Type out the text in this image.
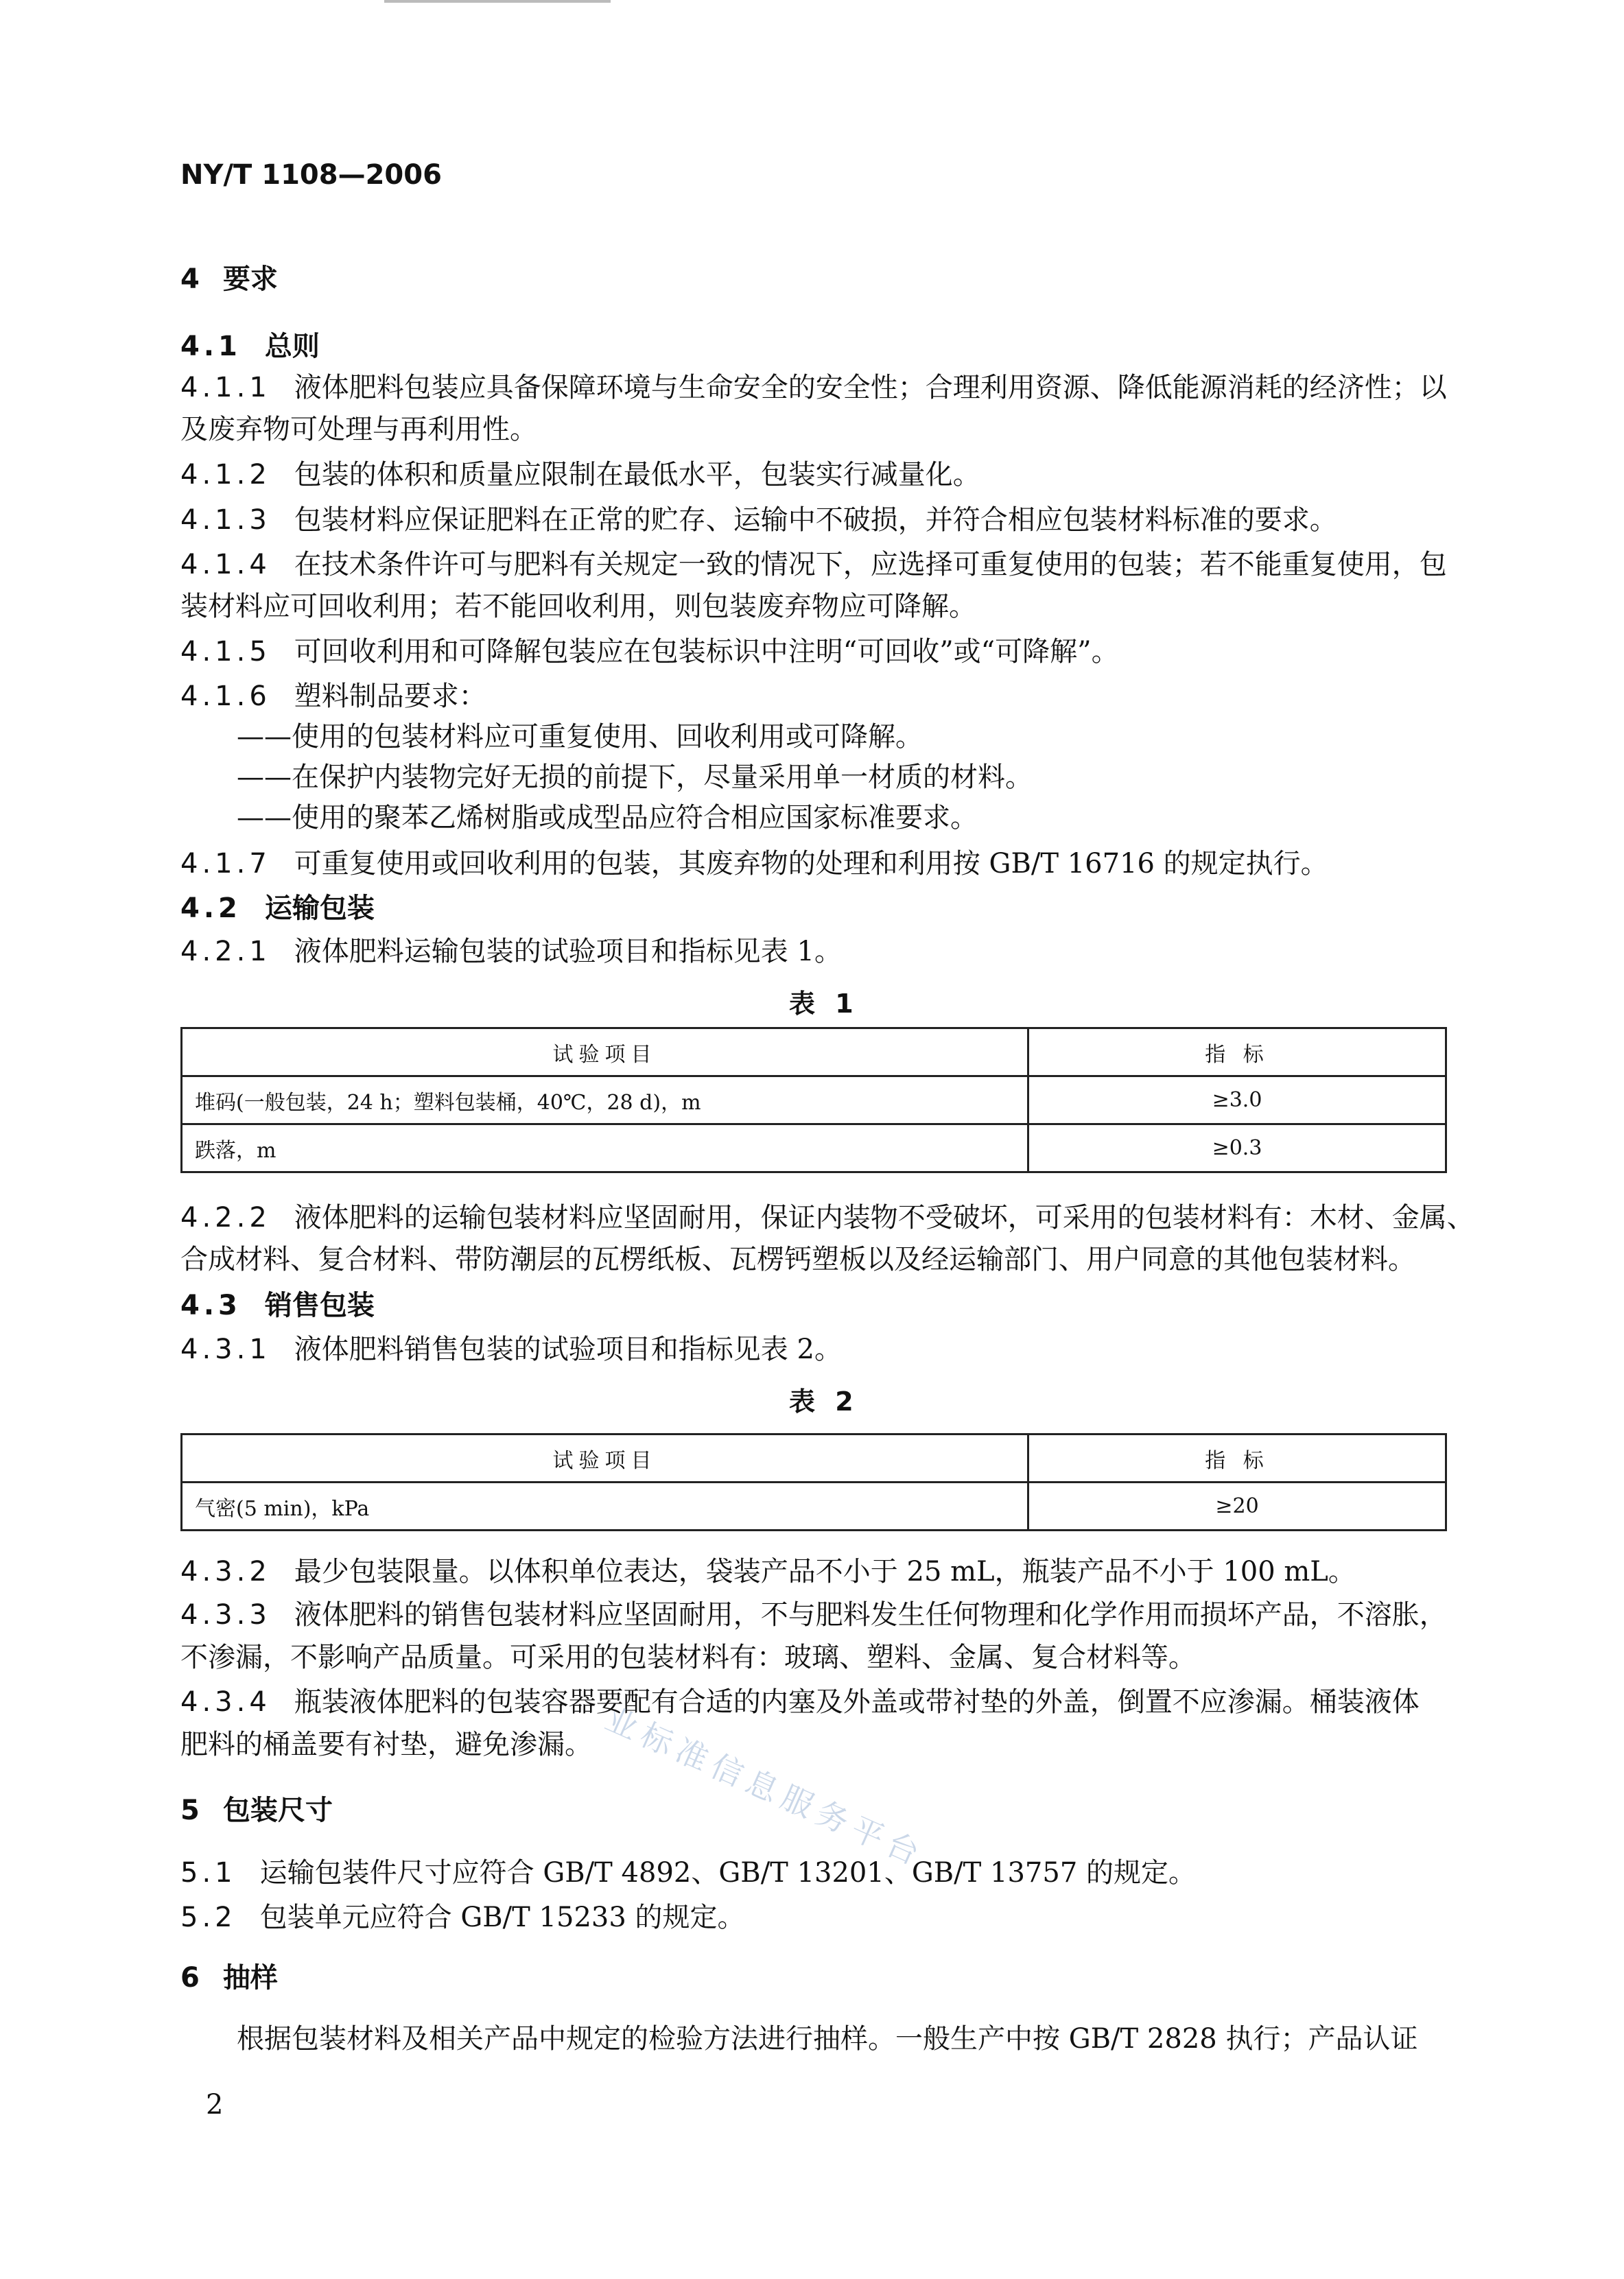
NY/T 1108—2006
4 要求
4.1 总则
4.1.1 液体肥料包装应具备保障环境与生命安全的安全性；合理利用资源、降低能源消耗的经济性；以
及废弃物可处理与再利用性。
4.1.2 包装的体积和质量应限制在最低水平，包装实行减量化。
4.1.3 包装材料应保证肥料在正常的贮存、运输中不破损，并符合相应包装材料标准的要求。
4.1.4 在技术条件许可与肥料有关规定一致的情况下，应选择可重复使用的包装；若不能重复使用，包
装材料应可回收利用；若不能回收利用，则包装废弃物应可降解。
4.1.5 可回收利用和可降解包装应在包装标识中注明“可回收”或“可降解”。
4.1.6 塑料制品要求：
——使用的包装材料应可重复使用、回收利用或可降解。
——在保护内装物完好无损的前提下，尽量采用单一材质的材料。
——使用的聚苯乙烯树脂或成型品应符合相应国家标准要求。
4.1.7 可重复使用或回收利用的包装，其废弃物的处理和利用按 GB/T 16716 的规定执行。
4.2 运输包装
4.2.1 液体肥料运输包装的试验项目和指标见表 1。
表 1
试验项目	指 标
堆码(一般包装，24 h；塑料包装桶，40℃，28 d)，m	≥3.0
跌落，m	≥0.3
4.2.2 液体肥料的运输包装材料应坚固耐用，保证内装物不受破坏，可采用的包装材料有：木材、金属、
合成材料、复合材料、带防潮层的瓦楞纸板、瓦楞钙塑板以及经运输部门、用户同意的其他包装材料。
4.3 销售包装
4.3.1 液体肥料销售包装的试验项目和指标见表 2。
表 2
试验项目	指 标
气密(5 min)，kPa	≥20
4.3.2 最少包装限量。以体积单位表达，袋装产品不小于 25 mL，瓶装产品不小于 100 mL。
4.3.3 液体肥料的销售包装材料应坚固耐用，不与肥料发生任何物理和化学作用而损坏产品，不溶胀，
不渗漏，不影响产品质量。可采用的包装材料有：玻璃、塑料、金属、复合材料等。
4.3.4 瓶装液体肥料的包装容器要配有合适的内塞及外盖或带衬垫的外盖，倒置不应渗漏。桶装液体
肥料的桶盖要有衬垫，避免渗漏。
5 包装尺寸
5.1 运输包装件尺寸应符合 GB/T 4892、GB/T 13201、GB/T 13757 的规定。
5.2 包装单元应符合 GB/T 15233 的规定。
6 抽样
根据包装材料及相关产品中规定的检验方法进行抽样。一般生产中按 GB/T 2828 执行；产品认证
2
业标准信息服务平台
